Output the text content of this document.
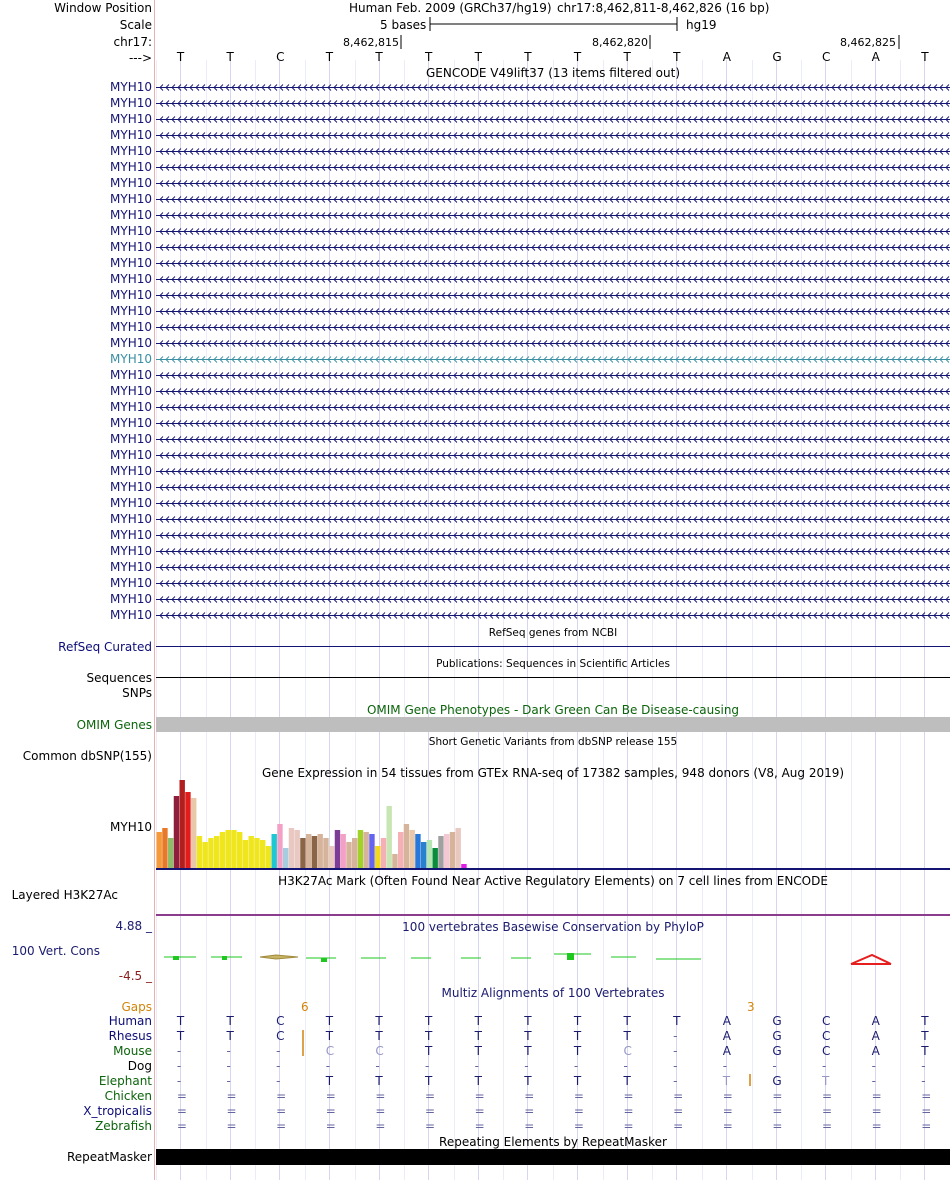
Window Position
Scale
chr17:
--->
MYH10
MYH10
MYH10
MYH10
MYH10
MYH10
MYH10
MYH10
MYH10
MYH10
MYH10
MYH10
MYH10
MYH10
MYH10
MYH10
MYH10
MYH10
MYH10
MYH10
MYH10
MYH10
MYH10
MYH10
MYH10
MYH10
MYH10
MYH10
MYH10
MYH10
MYH10
MYH10
MYH10
MYH10
RefSeq Curated
Sequences
SNPs
OMIM Genes
Common dbSNP(155)
MYH10
Layered H3K27Ac
4.88 _
100 Vert. Cons
-4.5 _
Gaps
Human
Rhesus
Mouse
Dog
Elephant
Chicken
X_tropicalis
Zebrafish
RepeatMasker
Human Feb. 2009 (GRCh37/hg19) chr17:8,462,811-8,462,826 (16 bp)
5 bases	hg19
8,462,815	8,462,820	8,462,825
T	T	C	T	T	T	T	T	T	T	T	A	G	C	A	T
GENCODE V49lift37 (13 items filtered out)
RefSeq genes from NCBI
Publications: Sequences in Scientific Articles
OMIM Gene Phenotypes - Dark Green Can Be Disease-causing
Short Genetic Variants from dbSNP release 155
Gene Expression in 54 tissues from GTEx RNA-seq of 17382 samples, 948 donors (V8, Aug 2019)
H3K27Ac Mark (Often Found Near Active Regulatory Elements) on 7 cell lines from ENCODE
100 vertebrates Basewise Conservation by PhyloP
Multiz Alignments of 100 Vertebrates
6	3
T	T	C	T	T	T	T	T	T	T	T	A	G	C	A	T
T	T	C	T	T	T	T	T	T	T	-	A	G	C	A	T
-	-	-	C	C	T	T	T	T	C	-	A	G	C	A	T
-	-	-	-	-	-	-	-	-	-	-	-	-	-	-	-
-	-	-	T	T	T	T	T	T	T	-	T	G	T	-	-
=	=	=	=	=	=	=	=	=	=	=	=	=	=	=	=
=	=	=	=	=	=	=	=	=	=	=	=	=	=	=	=
=	=	=	=	=	=	=	=	=	=	=	=	=	=	=	=
Repeating Elements by RepeatMasker
